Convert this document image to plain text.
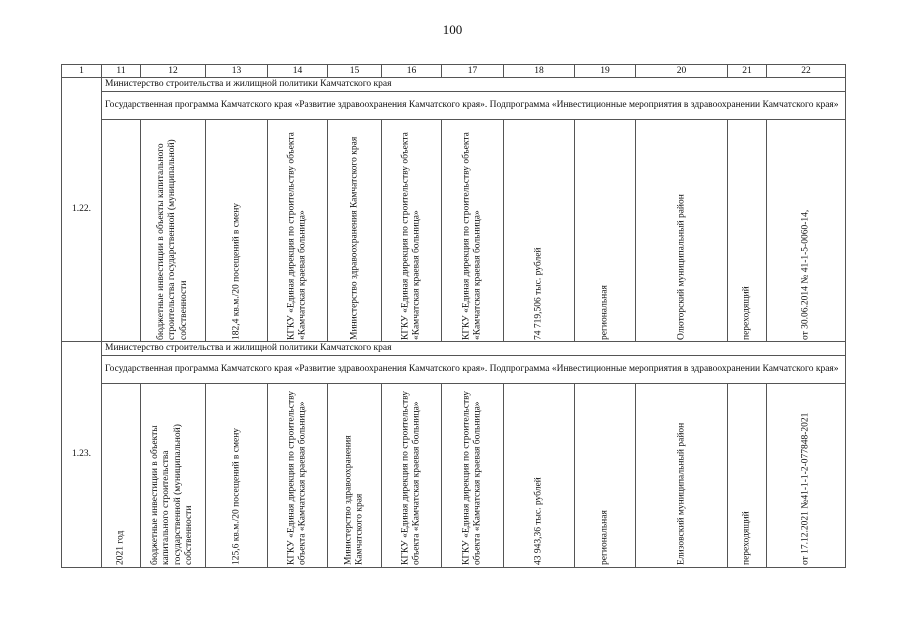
100
1	11	12	13	14	15	16	17	18	19	20	21	22
1.22.	Министерство строительства и жилищной политики Камчатского края											
	Государственная программа Камчатского края «Развитие здравоохранения Камчатского края». Подпрограмма «Инвестиционные мероприятия в здравоохранении Камчатского края»											

		бюджетные инвестиции в объекты капитального строительства государственной (муниципальной) собственности	182,4 кв.м./20 посещений в смену	КГКУ «Единая дирекция по строительству объекта «Камчатская краевая больница»	Министерство здравоохранения Камчатского края	КГКУ «Единая дирекция по строительству объекта «Камчатская краевая больница»	КГКУ «Единая дирекция по строительству объекта «Камчатская краевая больница»	74 719,506 тыс. рублей	региональная	Олюторский муниципальный район	переходящий	от 30.06.2014 № 41-1-5-0060-14,

1.23.	Министерство строительства и жилищной политики Камчатского края											
	Государственная программа Камчатского края «Развитие здравоохранения Камчатского края». Подпрограмма «Инвестиционные мероприятия в здравоохранении Камчатского края»											

	2021 год	бюджетные инвестиции в объекты капитального строительства государственной (муниципальной) собственности	125,6 кв.м./20 посещений в смену	КГКУ «Единая дирекция по строительству объекта «Камчатская краевая больница»	Министерство здравоохранения Камчатского края	КГКУ «Единая дирекция по строительству объекта «Камчатская краевая больница»	КГКУ «Единая дирекция по строительству объекта «Камчатская краевая больница»	43 943,36 тыс. рублей	региональная	Елизовский муниципальный район	переходящий	от 17.12.2021 №41-1-1-2-077848-2021
